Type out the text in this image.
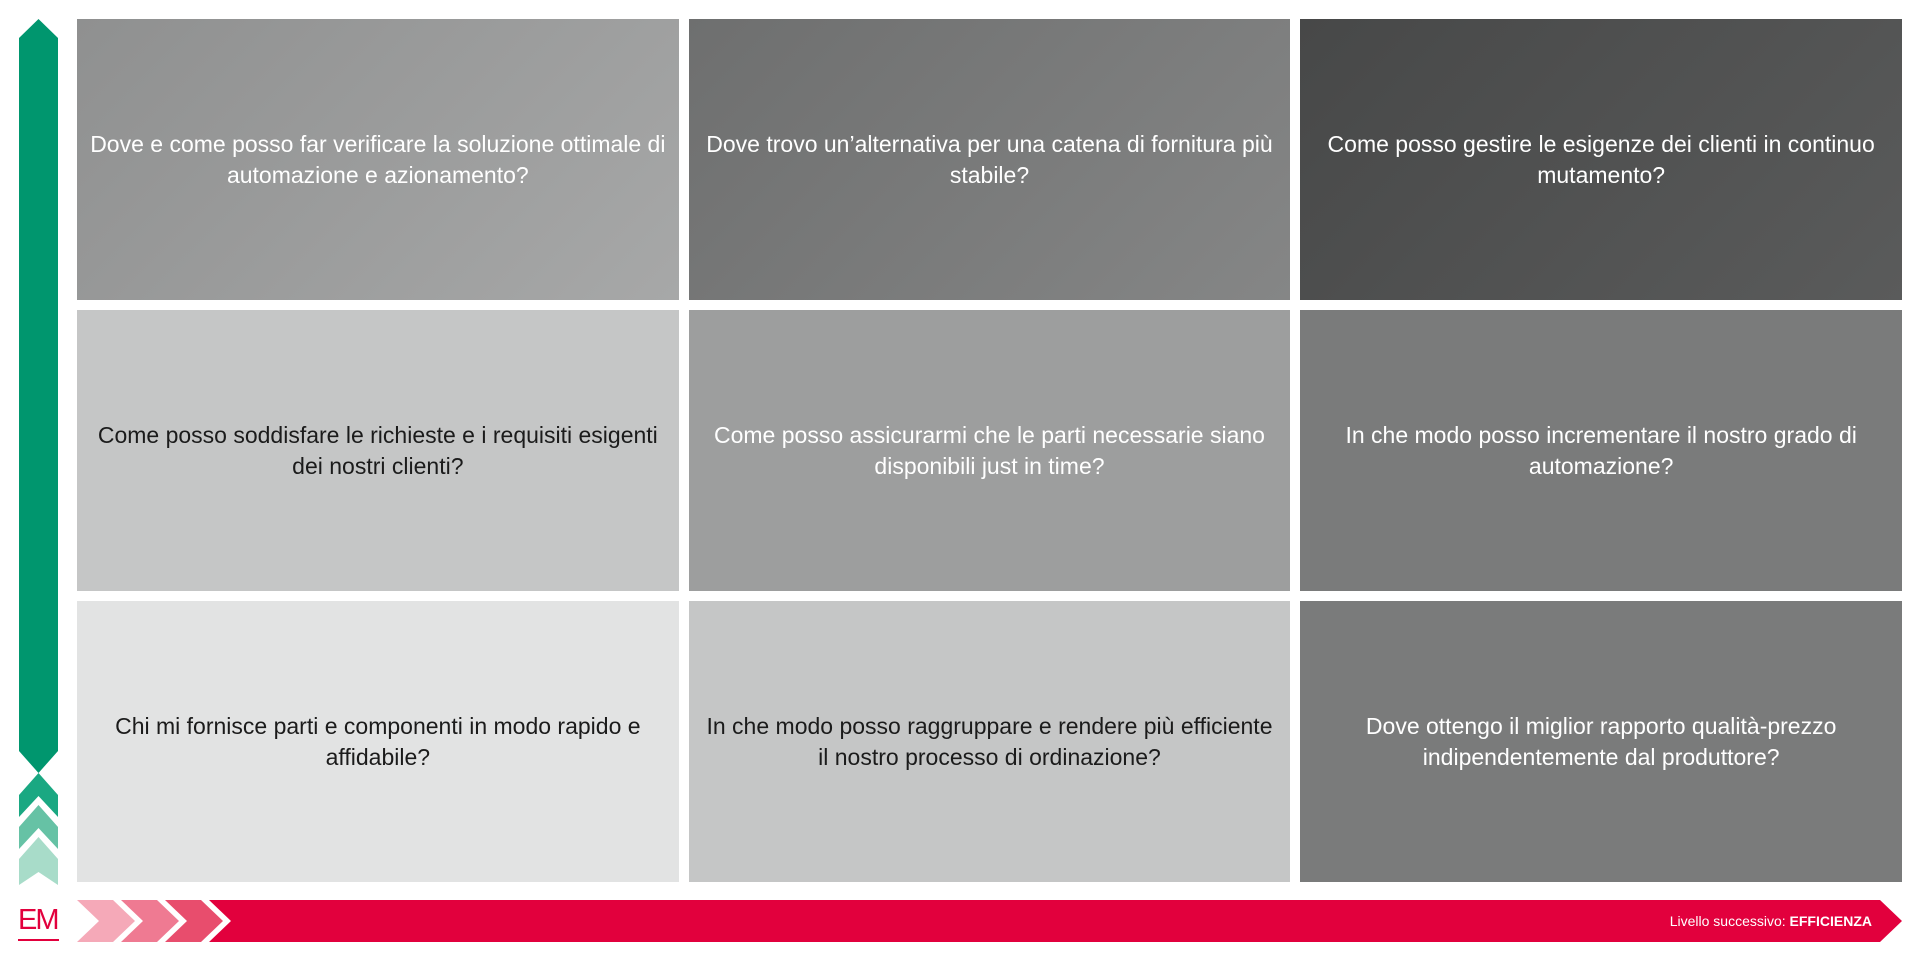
Dove e come posso far verificare la soluzione ottimale di automazione e azionamento?
Dove trovo un’alternativa per una catena di fornitura più stabile?
Come posso gestire le esigenze dei clienti in continuo mutamento?
Come posso soddisfare le richieste e i requisiti esigenti dei nostri clienti?
Come posso assicurarmi che le parti necessarie siano disponibili just in time?
In che modo posso incrementare il nostro grado di automazione?
Chi mi fornisce parti e componenti in modo rapido e affidabile?
In che modo posso raggruppare e rendere più efficiente il nostro processo di ordinazione?
Dove ottengo il miglior rapporto qualità-prezzo indipendentemente dal produttore?
Livello successivo: COMPETENZA
EM	Livello successivo: EFFICIENZA
